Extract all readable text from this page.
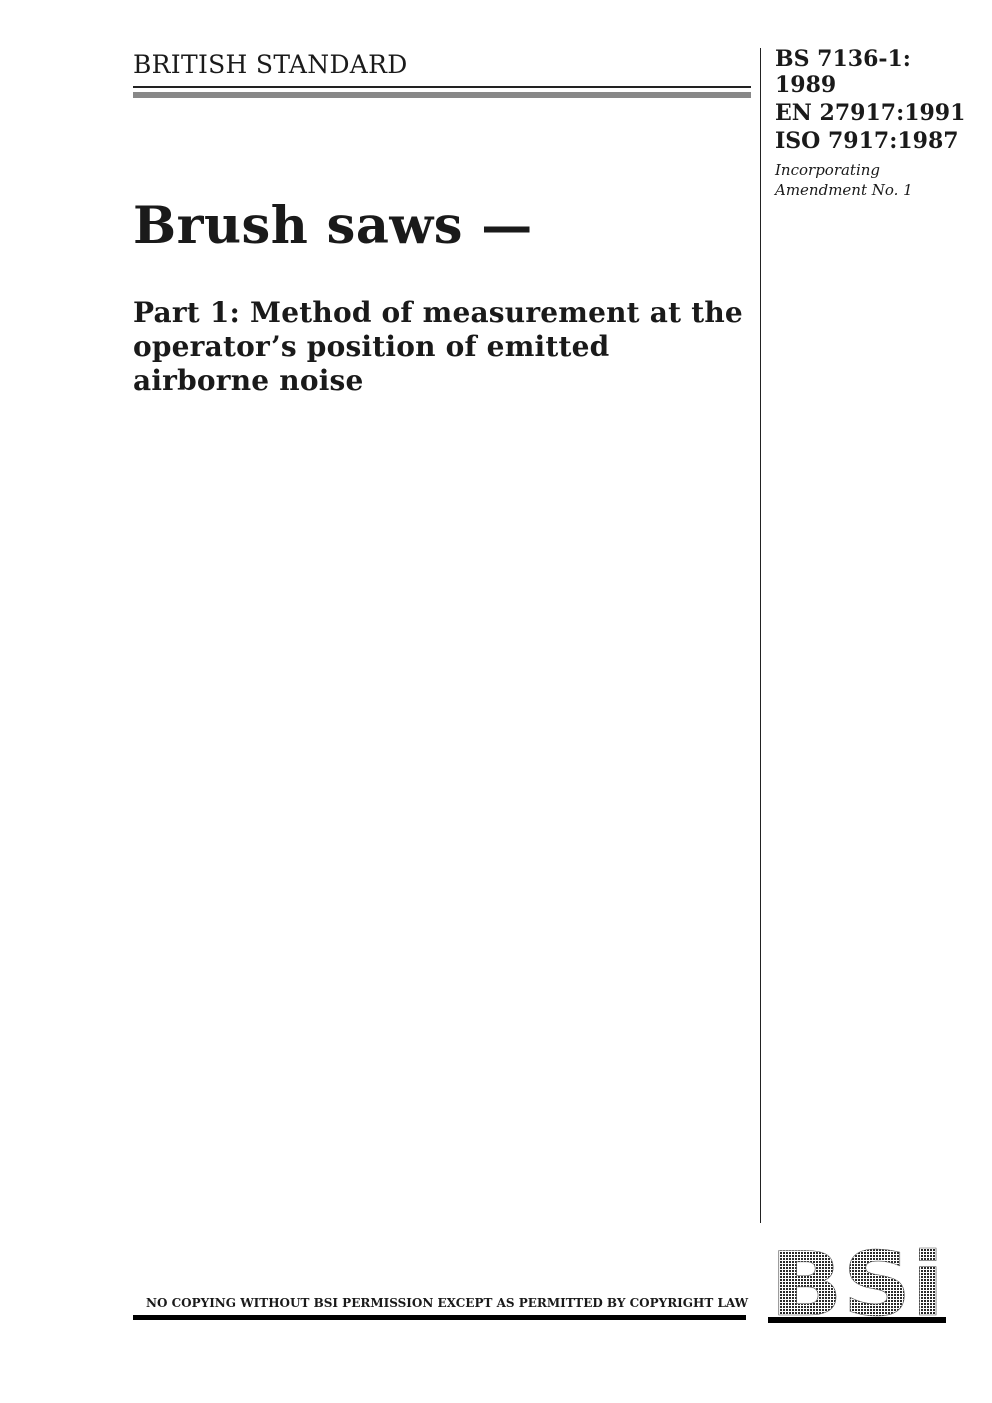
BRITISH STANDARD	BS 7136-1:
1989
EN 27917:1991
ISO 7917:1987
Incorporating
Amendment No. 1
Brush saws —
Part 1: Method of measurement at the operator’s position of emitted airborne noise
NO COPYING WITHOUT BSI PERMISSION EXCEPT AS PERMITTED BY COPYRIGHT LAW BSi
